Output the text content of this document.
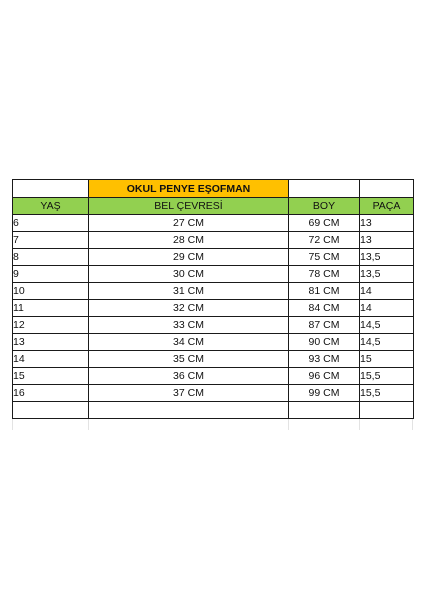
	OKUL PENYE EŞOFMAN		
YAŞ	BEL ÇEVRESİ	BOY	PAÇA
6	27 CM	69 CM	13
7	28 CM	72 CM	13
8	29 CM	75 CM	13,5
9	30 CM	78 CM	13,5
10	31 CM	81 CM	14
11	32 CM	84 CM	14
12	33 CM	87 CM	14,5
13	34 CM	90 CM	14,5
14	35 CM	93 CM	15
15	36 CM	96 CM	15,5
16	37 CM	99 CM	15,5
